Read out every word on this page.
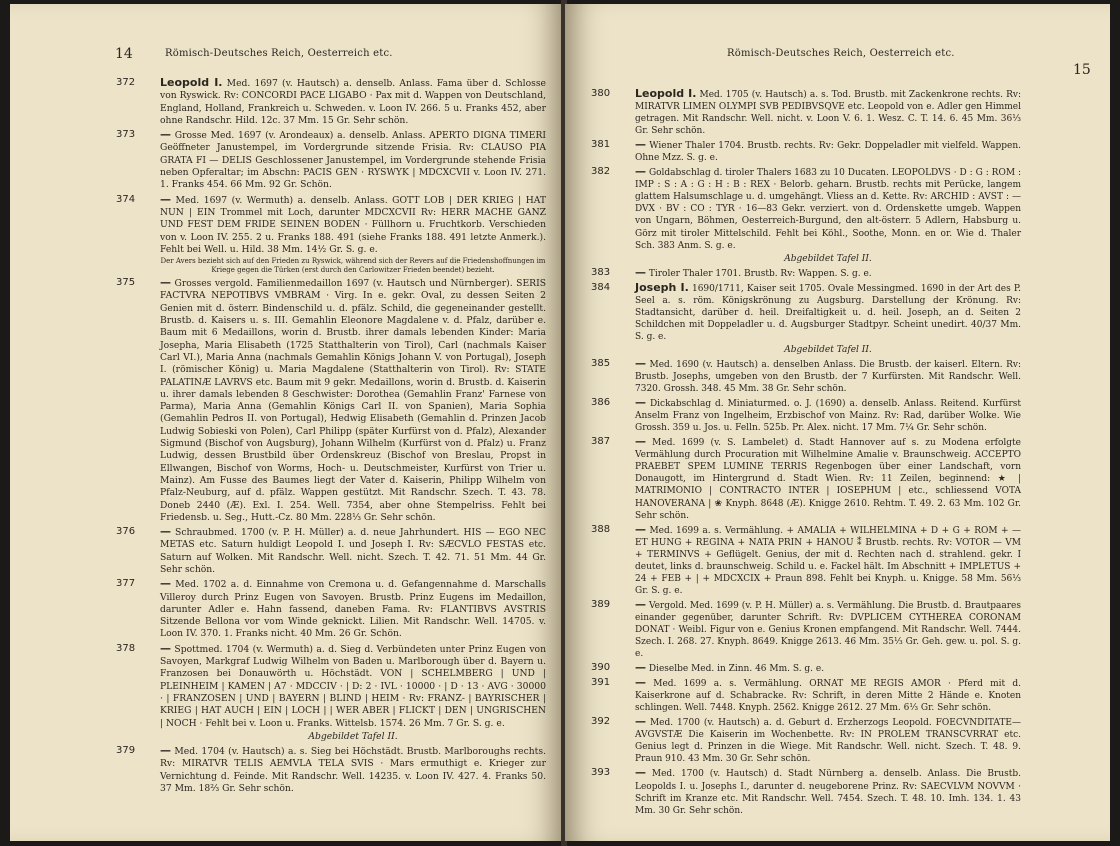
14	Römisch-Deutsches Reich, Oesterreich etc.
372 Leopold I. Med. 1697 (v. Hautsch) a. denselb. Anlass. Fama über d. Schlosse von Ryswick. Rv: CONCORDI PACE LIGABO · Pax mit d. Wappen von Deutschland, England, Holland, Frankreich u. Schweden. v. Loon IV. 266. 5 u. Franks 452, aber ohne Randschr. Hild. 12c. 37 Mm. 15 Gr. Sehr schön.
373 — Grosse Med. 1697 (v. Arondeaux) a. denselb. Anlass. APERTO DIGNA TIMERI Geöffneter Janustempel, im Vordergrunde sitzende Frisia. Rv: CLAUSO PIA GRATA FI — DELIS Geschlossener Janustempel, im Vordergrunde stehende Frisia neben Opferaltar; im Abschn: PACIS GEN · RYSWYK | MDCXCVII v. Loon IV. 271. 1. Franks 454. 66 Mm. 92 Gr. Schön.
374 — Med. 1697 (v. Wermuth) a. denselb. Anlass. GOTT LOB | DER KRIEG | HAT NUN | EIN Trommel mit Loch, darunter MDCXCVII Rv: HERR MACHE GANZ UND FEST DEM FRIDE SEINEN BODEN · Füllhorn u. Fruchtkorb. Verschieden von v. Loon IV. 255. 2 u. Franks 188. 491 (siehe Franks 188. 491 letzte Anmerk.). Fehlt bei Well. u. Hild. 38 Mm. 14½ Gr. S. g. e.
Der Avers bezieht sich auf den Frieden zu Ryswick, während sich der Revers auf die Friedenshoffnungen im Kriege gegen die Türken (erst durch den Carlowitzer Frieden beendet) bezieht.
375 — Grosses vergold. Familienmedaillon 1697 (v. Hautsch und Nürnberger). SERIS FACTVRA NEPOTIBVS VMBRAM · Virg. In e. gekr. Oval, zu dessen Seiten 2 Genien mit d. österr. Bindenschild u. d. pfälz. Schild, die gegeneinander gestellt. Brustb. d. Kaisers u. s. III. Gemahlin Eleonore Magdalene v. d. Pfalz, darüber e. Baum mit 6 Medaillons, worin d. Brustb. ihrer damals lebenden Kinder: Maria Josepha, Maria Elisabeth (1725 Statthalterin von Tirol), Carl (nachmals Kaiser Carl VI.), Maria Anna (nachmals Gemahlin Königs Johann V. von Portugal), Joseph I. (römischer König) u. Maria Magdalene (Statthalterin von Tirol). Rv: STATE PALATINÆ LAVRVS etc. Baum mit 9 gekr. Medaillons, worin d. Brustb. d. Kaiserin u. ihrer damals lebenden 8 Geschwister: Dorothea (Gemahlin Franz' Farnese von Parma), Maria Anna (Gemahlin Königs Carl II. von Spanien), Maria Sophia (Gemahlin Pedros II. von Portugal), Hedwig Elisabeth (Gemahlin d. Prinzen Jacob Ludwig Sobieski von Polen), Carl Philipp (später Kurfürst von d. Pfalz), Alexander Sigmund (Bischof von Augsburg), Johann Wilhelm (Kurfürst von d. Pfalz) u. Franz Ludwig, dessen Brustbild über Ordenskreuz (Bischof von Breslau, Propst in Ellwangen, Bischof von Worms, Hoch- u. Deutschmeister, Kurfürst von Trier u. Mainz). Am Fusse des Baumes liegt der Vater d. Kaiserin, Philipp Wilhelm von Pfalz-Neuburg, auf d. pfälz. Wappen gestützt. Mit Randschr. Szech. T. 43. 78. Doneb 2440 (Æ). Exl. I. 254. Well. 7354, aber ohne Stempelriss. Fehlt bei Friedensb. u. Seg., Hutt.-Cz. 80 Mm. 228⅓ Gr. Sehr schön.
376 — Schraubmed. 1700 (v. P. H. Müller) a. d. neue Jahrhundert. HIS — EGO NEC METAS etc. Saturn huldigt Leopold I. und Joseph I. Rv: SÆCVLO FESTAS etc. Saturn auf Wolken. Mit Randschr. Well. nicht. Szech. T. 42. 71. 51 Mm. 44 Gr. Sehr schön.
377 — Med. 1702 a. d. Einnahme von Cremona u. d. Gefangennahme d. Marschalls Villeroy durch Prinz Eugen von Savoyen. Brustb. Prinz Eugens im Medaillon, darunter Adler e. Hahn fassend, daneben Fama. Rv: FLANTIBVS AVSTRIS Sitzende Bellona vor vom Winde geknickt. Lilien. Mit Randschr. Well. 14705. v. Loon IV. 370. 1. Franks nicht. 40 Mm. 26 Gr. Schön.
378 — Spottmed. 1704 (v. Wermuth) a. d. Sieg d. Verbündeten unter Prinz Eugen von Savoyen, Markgraf Ludwig Wilhelm von Baden u. Marlborough über d. Bayern u. Franzosen bei Donauwörth u. Höchstädt. VON | SCHELMBERG | UND | PLEINHEIM | KAMEN | A7 · MDCCIV · | D: 2 · IVL · 10000 · | D · 13 · AVG · 30000 · | FRANZOSEN | UND | BAYERN | BLIND | HEIM · Rv: FRANZ- | BAYRISCHER | KRIEG | HAT AUCH | EIN | LOCH | | WER ABER | FLICKT | DEN | UNGRISCHEN | NOCH · Fehlt bei v. Loon u. Franks. Wittelsb. 1574. 26 Mm. 7 Gr. S. g. e.
Abgebildet Tafel II.
379 — Med. 1704 (v. Hautsch) a. s. Sieg bei Höchstädt. Brustb. Marlboroughs rechts. Rv: MIRATVR TELIS AEMVLA TELA SVIS · Mars ermuthigt e. Krieger zur Vernichtung d. Feinde. Mit Randschr. Well. 14235. v. Loon IV. 427. 4. Franks 50. 37 Mm. 18⅔ Gr. Sehr schön.
Römisch-Deutsches Reich, Oesterreich etc.
15
380 Leopold I. Med. 1705 (v. Hautsch) a. s. Tod. Brustb. mit Zackenkrone rechts. Rv: MIRATVR LIMEN OLYMPI SVB PEDIBVSQVE etc. Leopold von e. Adler gen Himmel getragen. Mit Randschr. Well. nicht. v. Loon V. 6. 1. Wesz. C. T. 14. 6. 45 Mm. 36⅓ Gr. Sehr schön.
381 — Wiener Thaler 1704. Brustb. rechts. Rv: Gekr. Doppeladler mit vielfeld. Wappen. Ohne Mzz. S. g. e.
382 — Goldabschlag d. tiroler Thalers 1683 zu 10 Ducaten. LEOPOLDVS · D : G : ROM : IMP : S : A : G : H : B : REX · Belorb. geharn. Brustb. rechts mit Perücke, langem glattem Halsumschlage u. d. umgehängt. Vliess an d. Kette. Rv: ARCHID : AVST : — DVX · BV : CO : TYR · 16—83 Gekr. verziert. von d. Ordenskette umgeb. Wappen von Ungarn, Böhmen, Oesterreich-Burgund, den alt-österr. 5 Adlern, Habsburg u. Görz mit tiroler Mittelschild. Fehlt bei Köhl., Soothe, Monn. en or. Wie d. Thaler Sch. 383 Anm. S. g. e.
Abgebildet Tafel II.
383 — Tiroler Thaler 1701. Brustb. Rv: Wappen. S. g. e.
384 Joseph I. 1690/1711, Kaiser seit 1705. Ovale Messingmed. 1690 in der Art des P. Seel a. s. röm. Königskrönung zu Augsburg. Darstellung der Krönung. Rv: Stadtansicht, darüber d. heil. Dreifaltigkeit u. d. heil. Joseph, an d. Seiten 2 Schildchen mit Doppeladler u. d. Augsburger Stadtpyr. Scheint unedirt. 40/37 Mm. S. g. e.
Abgebildet Tafel II.
385 — Med. 1690 (v. Hautsch) a. denselben Anlass. Die Brustb. der kaiserl. Eltern. Rv: Brustb. Josephs, umgeben von den Brustb. der 7 Kurfürsten. Mit Randschr. Well. 7320. Grossh. 348. 45 Mm. 38 Gr. Sehr schön.
386 — Dickabschlag d. Miniaturmed. o. J. (1690) a. denselb. Anlass. Reitend. Kurfürst Anselm Franz von Ingelheim, Erzbischof von Mainz. Rv: Rad, darüber Wolke. Wie Grossh. 359 u. Jos. u. Felln. 525b. Pr. Alex. nicht. 17 Mm. 7¼ Gr. Sehr schön.
387 — Med. 1699 (v. S. Lambelet) d. Stadt Hannover auf s. zu Modena erfolgte Vermählung durch Procuration mit Wilhelmine Amalie v. Braunschweig. ACCEPTO PRAEBET SPEM LUMINE TERRIS Regenbogen über einer Landschaft, vorn Donaugott, im Hintergrund d. Stadt Wien. Rv: 11 Zeilen, beginnend: ★ | MATRIMONIO | CONTRACTO INTER | IOSEPHUM | etc., schliessend VOTA HANOVERANA | ❀ Knyph. 8648 (Æ). Knigge 2610. Rehtm. T. 49. 2. 63 Mm. 102 Gr. Sehr schön.
388 — Med. 1699 a. s. Vermählung. + AMALIA + WILHELMINA + D + G + ROM + — ET HUNG + REGINA + NATA PRIN + HANOU ⁑ Brustb. rechts. Rv: VOTOR — VM + TERMINVS + Geflügelt. Genius, der mit d. Rechten nach d. strahlend. gekr. I deutet, links d. braunschweig. Schild u. e. Fackel hält. Im Abschnitt + IMPLETUS + 24 + FEB + | + MDCXCIX + Praun 898. Fehlt bei Knyph. u. Knigge. 58 Mm. 56⅓ Gr. S. g. e.
389 — Vergold. Med. 1699 (v. P. H. Müller) a. s. Vermählung. Die Brustb. d. Brautpaares einander gegenüber, darunter Schrift. Rv: DVPLICEM CYTHEREA CORONAM DONAT · Weibl. Figur von e. Genius Kronen empfangend. Mit Randschr. Well. 7444. Szech. I. 268. 27. Knyph. 8649. Knigge 2613. 46 Mm. 35⅓ Gr. Geh. gew. u. pol. S. g. e.
390 — Dieselbe Med. in Zinn. 46 Mm. S. g. e.
391 — Med. 1699 a. s. Vermählung. ORNAT ME REGIS AMOR · Pferd mit d. Kaiserkrone auf d. Schabracke. Rv: Schrift, in deren Mitte 2 Hände e. Knoten schlingen. Well. 7448. Knyph. 2562. Knigge 2612. 27 Mm. 6⅓ Gr. Sehr schön.
392 — Med. 1700 (v. Hautsch) a. d. Geburt d. Erzherzogs Leopold. FOECVNDITATE— AVGVSTÆ Die Kaiserin im Wochenbette. Rv: IN PROLEM TRANSCVRRAT etc. Genius legt d. Prinzen in die Wiege. Mit Randschr. Well. nicht. Szech. T. 48. 9. Praun 910. 43 Mm. 30 Gr. Sehr schön.
393 — Med. 1700 (v. Hautsch) d. Stadt Nürnberg a. denselb. Anlass. Die Brustb. Leopolds I. u. Josephs I., darunter d. neugeborene Prinz. Rv: SAECVLVM NOVVM · Schrift im Kranze etc. Mit Randschr. Well. 7454. Szech. T. 48. 10. Imh. 134. 1. 43 Mm. 30 Gr. Sehr schön.
